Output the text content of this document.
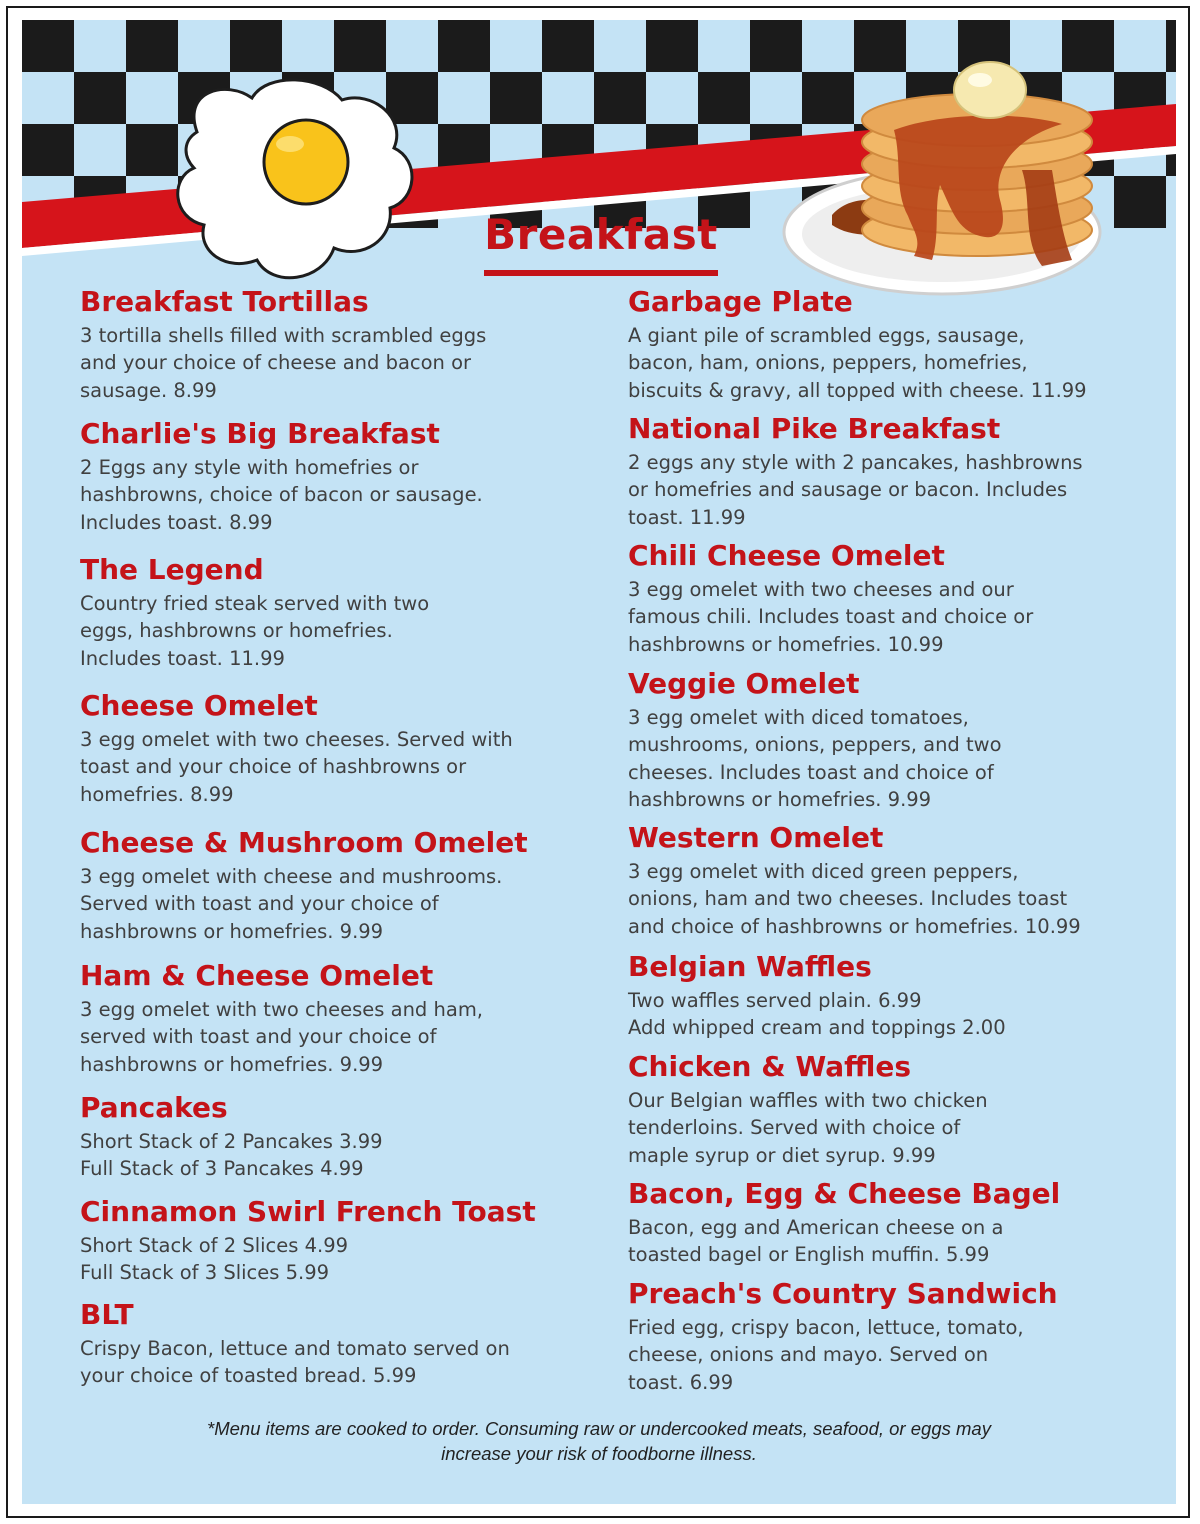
Breakfast
Breakfast Tortillas

3 tortilla shells filled with scrambled eggs
and your choice of cheese and bacon or
sausage. 8.99

Charlie's Big Breakfast

2 Eggs any style with homefries or
hashbrowns, choice of bacon or sausage.
Includes toast. 8.99

The Legend

Country fried steak served with two
eggs, hashbrowns or homefries.
Includes toast. 11.99

Cheese Omelet

3 egg omelet with two cheeses. Served with
toast and your choice of hashbrowns or
homefries. 8.99

Cheese & Mushroom Omelet

3 egg omelet with cheese and mushrooms.
Served with toast and your choice of
hashbrowns or homefries. 9.99

Ham & Cheese Omelet

3 egg omelet with two cheeses and ham,
served with toast and your choice of
hashbrowns or homefries. 9.99

Pancakes

Short Stack of 2 Pancakes 3.99
Full Stack of 3 Pancakes 4.99

Cinnamon Swirl French Toast

Short Stack of 2 Slices 4.99
Full Stack of 3 Slices 5.99

BLT

Crispy Bacon, lettuce and tomato served on
your choice of toasted bread. 5.99

Garbage Plate

A giant pile of scrambled eggs, sausage,
bacon, ham, onions, peppers, homefries,
biscuits & gravy, all topped with cheese. 11.99

National Pike Breakfast

2 eggs any style with 2 pancakes, hashbrowns
or homefries and sausage or bacon. Includes
toast. 11.99

Chili Cheese Omelet

3 egg omelet with two cheeses and our
famous chili. Includes toast and choice or
hashbrowns or homefries. 10.99

Veggie Omelet

3 egg omelet with diced tomatoes,
mushrooms, onions, peppers, and two
cheeses. Includes toast and choice of
hashbrowns or homefries. 9.99

Western Omelet

3 egg omelet with diced green peppers,
onions, ham and two cheeses. Includes toast
and choice of hashbrowns or homefries. 10.99

Belgian Waffles

Two waffles served plain. 6.99
Add whipped cream and toppings 2.00

Chicken & Waffles

Our Belgian waffles with two chicken
tenderloins. Served with choice of
maple syrup or diet syrup. 9.99

Bacon, Egg & Cheese Bagel

Bacon, egg and American cheese on a
toasted bagel or English muffin. 5.99

Preach's Country Sandwich

Fried egg, crispy bacon, lettuce, tomato,
cheese, onions and mayo. Served on
toast. 6.99

*Menu items are cooked to order. Consuming raw or undercooked meats, seafood, or eggs may
increase your risk of foodborne illness.
